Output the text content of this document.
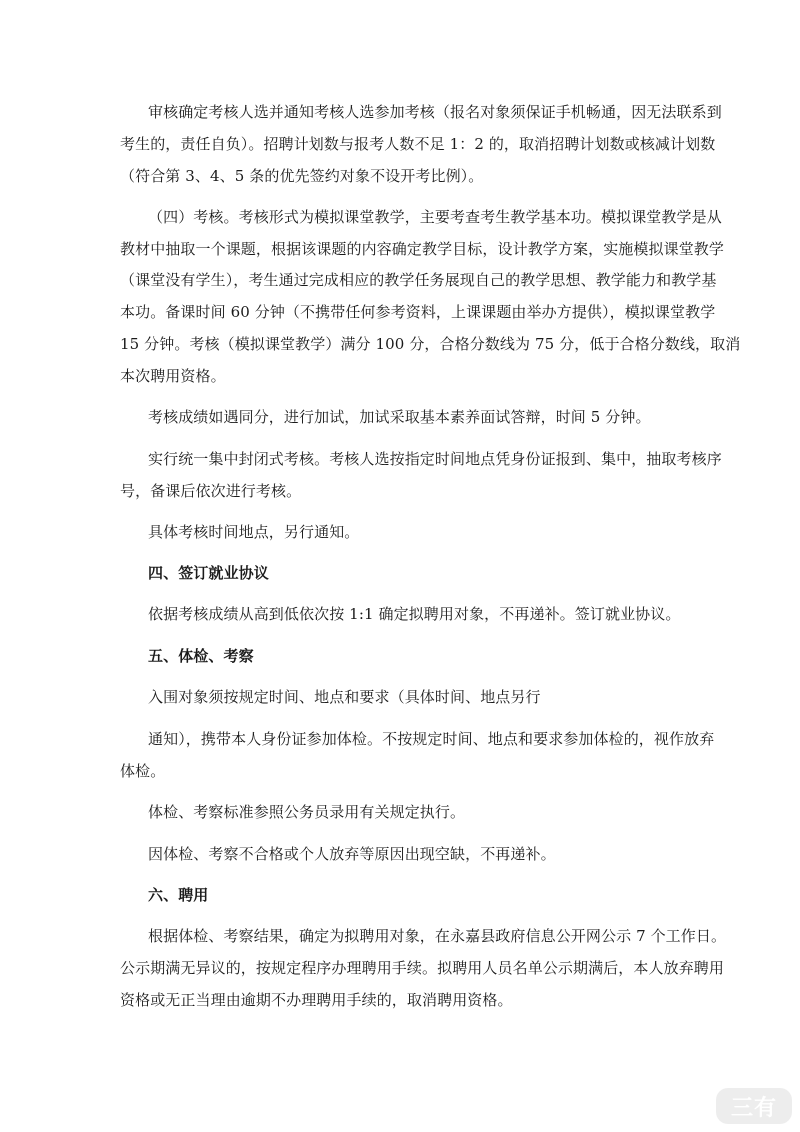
审核确定考核人选并通知考核人选参加考核（报名对象须保证手机畅通，因无法联系到
考生的，责任自负）。招聘计划数与报考人数不足 1：2 的，取消招聘计划数或核减计划数
（符合第 3、4、5 条的优先签约对象不设开考比例）。
（四）考核。考核形式为模拟课堂教学，主要考查考生教学基本功。模拟课堂教学是从
教材中抽取一个课题，根据该课题的内容确定教学目标，设计教学方案，实施模拟课堂教学
（课堂没有学生），考生通过完成相应的教学任务展现自己的教学思想、教学能力和教学基
本功。备课时间 60 分钟（不携带任何参考资料，上课课题由举办方提供），模拟课堂教学
15 分钟。考核（模拟课堂教学）满分 100 分，合格分数线为 75 分，低于合格分数线，取消
本次聘用资格。
考核成绩如遇同分，进行加试，加试采取基本素养面试答辩，时间 5 分钟。
实行统一集中封闭式考核。考核人选按指定时间地点凭身份证报到、集中，抽取考核序
号，备课后依次进行考核。
具体考核时间地点，另行通知。
四、签订就业协议
依据考核成绩从高到低依次按 1:1 确定拟聘用对象，不再递补。签订就业协议。
五、体检、考察
入围对象须按规定时间、地点和要求（具体时间、地点另行
通知），携带本人身份证参加体检。不按规定时间、地点和要求参加体检的，视作放弃
体检。
体检、考察标准参照公务员录用有关规定执行。
因体检、考察不合格或个人放弃等原因出现空缺，不再递补。
六、聘用
根据体检、考察结果，确定为拟聘用对象，在永嘉县政府信息公开网公示 7 个工作日。
公示期满无异议的，按规定程序办理聘用手续。拟聘用人员名单公示期满后，本人放弃聘用
资格或无正当理由逾期不办理聘用手续的，取消聘用资格。
三有
